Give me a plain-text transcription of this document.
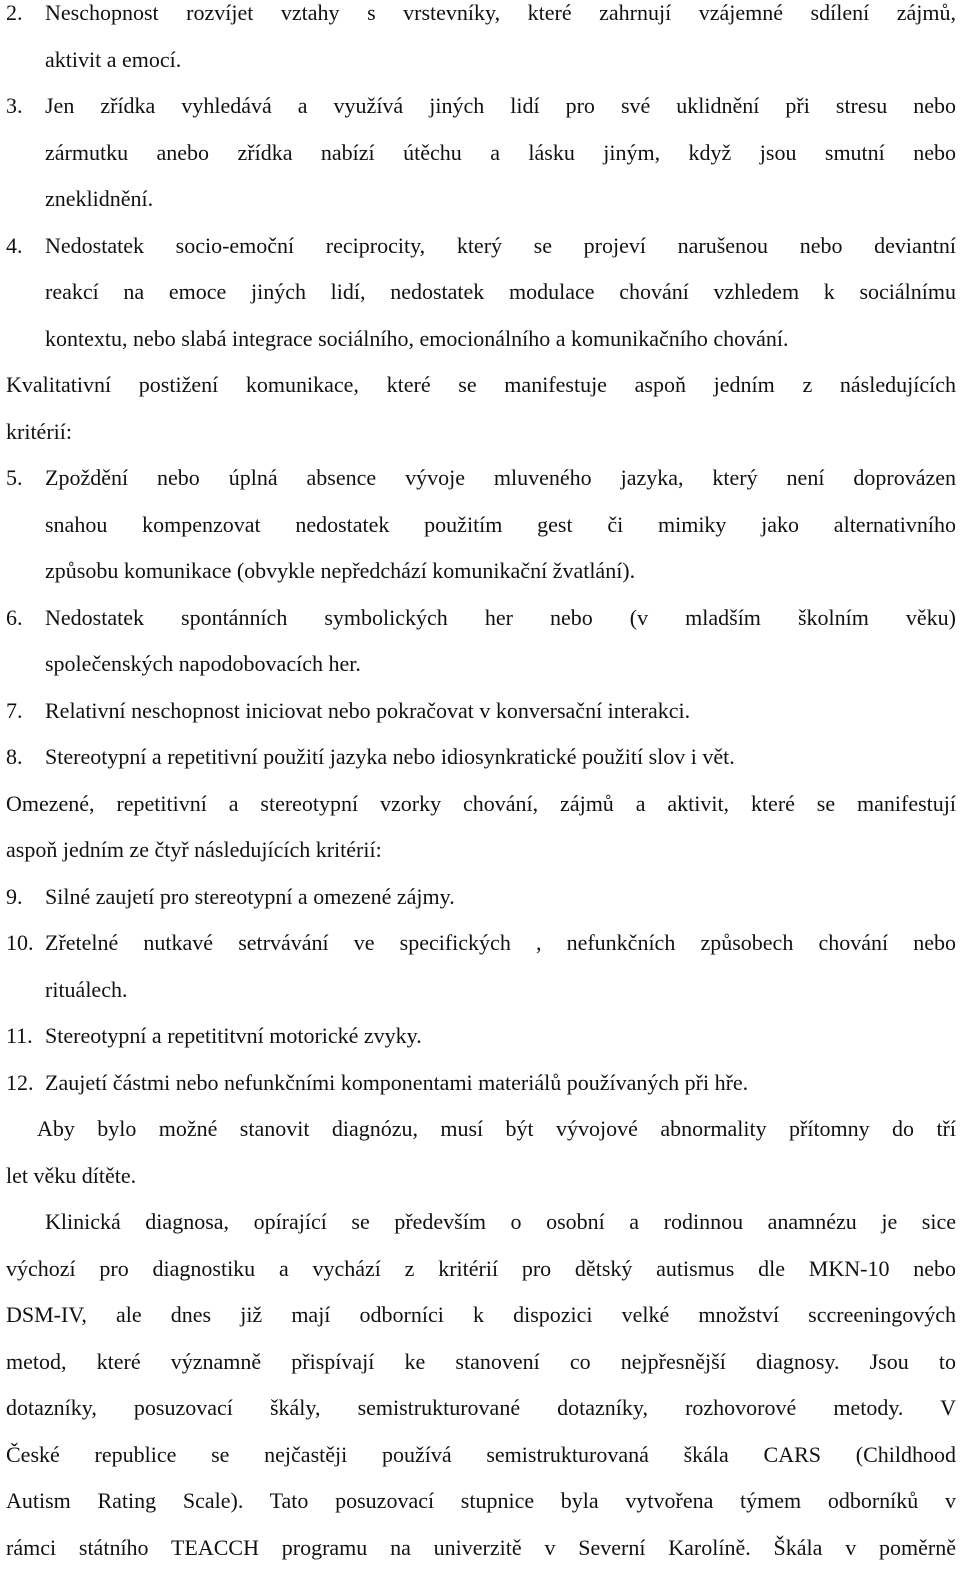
2. Neschopnost rozvíjet vztahy s vrstevníky, které zahrnují vzájemné sdílení zájmů,
aktivit a emocí.
3. Jen zřídka vyhledává a využívá jiných lidí pro své uklidnění při stresu nebo
zármutku anebo zřídka nabízí útěchu a lásku jiným, když jsou smutní nebo
zneklidnění.
4. Nedostatek socio-emoční reciprocity, který se projeví narušenou nebo deviantní
reakcí na emoce jiných lidí, nedostatek modulace chování vzhledem k sociálnímu
kontextu, nebo slabá integrace sociálního, emocionálního a komunikačního chování.
Kvalitativní postižení komunikace, které se manifestuje aspoň jedním z následujících
kritérií:
5. Zpoždění nebo úplná absence vývoje mluveného jazyka, který není doprovázen
snahou kompenzovat nedostatek použitím gest či mimiky jako alternativního
způsobu komunikace (obvykle nepředchází komunikační žvatlání).
6. Nedostatek spontánních symbolických her nebo (v mladším školním věku)
společenských napodobovacích her.
7. Relativní neschopnost iniciovat nebo pokračovat v konversační interakci.
8. Stereotypní a repetitivní použití jazyka nebo idiosynkratické použití slov i vět.
Omezené, repetitivní a stereotypní vzorky chování, zájmů a aktivit, které se manifestují
aspoň jedním ze čtyř následujících kritérií:
9. Silné zaujetí pro stereotypní a omezené zájmy.
10. Zřetelné nutkavé setrvávání ve specifických , nefunkčních způsobech chování nebo
rituálech.
11. Stereotypní a repetititvní motorické zvyky.
12. Zaujetí částmi nebo nefunkčními komponentami materiálů používaných při hře.
Aby bylo možné stanovit diagnózu, musí být vývojové abnormality přítomny do tří
let věku dítěte.
Klinická diagnosa, opírající se především o osobní a rodinnou anamnézu je sice
výchozí pro diagnostiku a vychází z kritérií pro dětský autismus dle MKN-10 nebo
DSM-IV, ale dnes již mají odborníci k dispozici velké množství sccreeningových
metod, které významně přispívají ke stanovení co nejpřesnější diagnosy. Jsou to
dotazníky, posuzovací škály, semistrukturované dotazníky, rozhovorové metody. V
České republice se nejčastěji používá semistrukturovaná škála CARS (Childhood
Autism Rating Scale). Tato posuzovací stupnice byla vytvořena týmem odborníků v
rámci státního TEACCH programu na univerzitě v Severní Karolíně. Škála v poměrně
